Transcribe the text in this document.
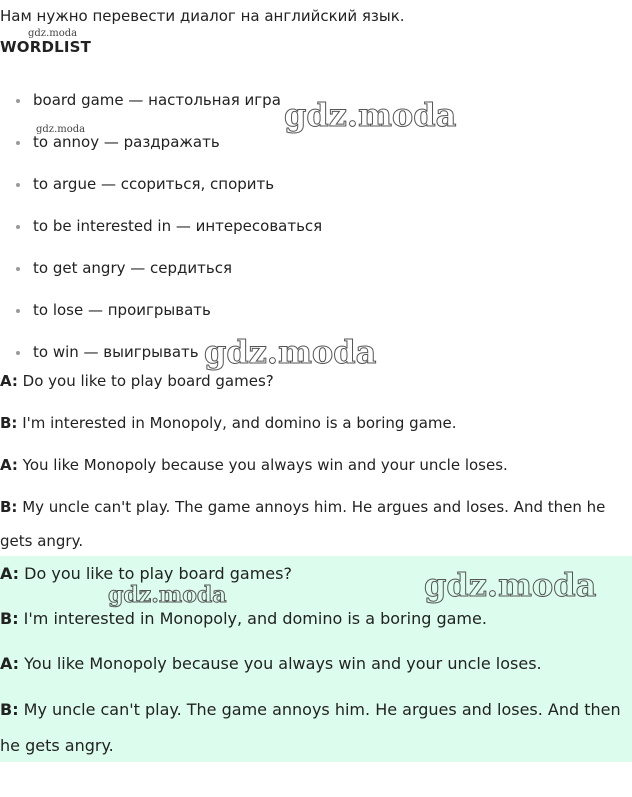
Нам нужно перевести диалог на английский язык.
gdz.moda
WORDLIST
board game — настольная игра
to annoy — раздражать
to argue — ссориться, спорить
to be interested in — интересоваться
to get angry — сердиться
to lose — проигрывать
to win — выигрывать
gdz.moda
gdz.moda
gdz.moda
A: Do you like to play board games?
B: I'm interested in Monopoly, and domino is a boring game.
A: You like Monopoly because you always win and your uncle loses.
B: My uncle can't play. The game annoys him. He argues and loses. And then he gets angry.
A: Do you like to play board games?
B: I'm interested in Monopoly, and domino is a boring game.
A: You like Monopoly because you always win and your uncle loses.
B: My uncle can't play. The game annoys him. He argues and loses. And then he gets angry.
gdz.moda	gdz.moda
